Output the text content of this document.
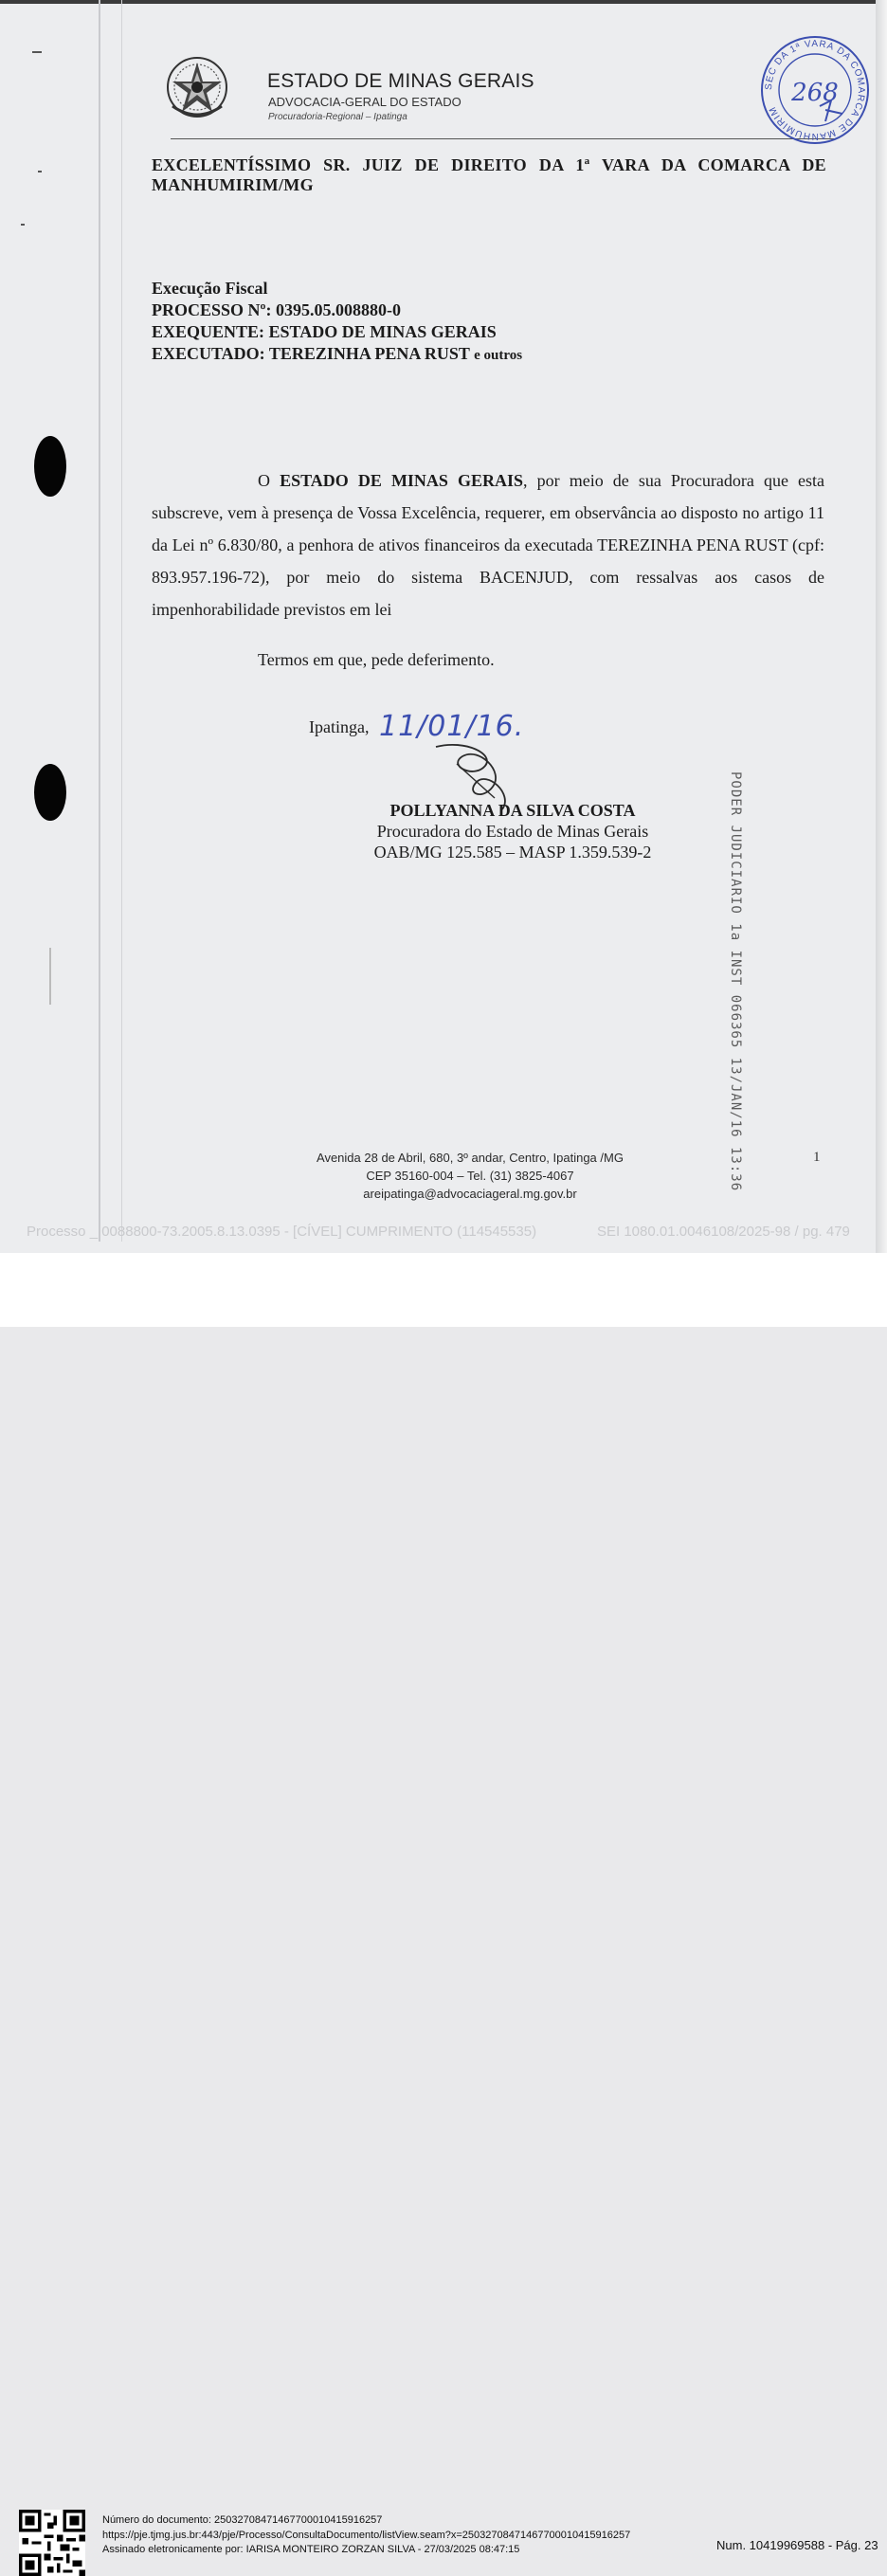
ESTADO DE MINAS GERAIS
ADVOCACIA-GERAL DO ESTADO
Procuradoria-Regional – Ipatinga
SEC DA 1ª VARA DA COMARCA DE MANHUMIRIM
268
EXCELENTÍSSIMO SR. JUIZ DE DIREITO DA 1ª VARA DA COMARCA DE MANHUMIRIM/MG
Execução Fiscal
PROCESSO Nº: 0395.05.008880-0
EXEQUENTE: ESTADO DE MINAS GERAIS
EXECUTADO: TEREZINHA PENA RUST e outros
O ESTADO DE MINAS GERAIS, por meio de sua Procuradora que esta subscreve, vem à presença de Vossa Excelência, requerer, em observância ao disposto no artigo 11 da Lei nº 6.830/80, a penhora de ativos financeiros da executada TEREZINHA PENA RUST (cpf: 893.957.196-72), por meio do sistema BACENJUD, com ressalvas aos casos de impenhorabilidade previstos em lei
Termos em que, pede deferimento.
Ipatinga, 11/01/16.
POLLYANNA DA SILVA COSTA
Procuradora do Estado de Minas Gerais
OAB/MG 125.585 – MASP 1.359.539-2	PODER JUDICIARIO 1a INST 066365 13/JAN/16 13:36
Avenida 28 de Abril, 680, 3º andar, Centro, Ipatinga /MG
CEP 35160-004 – Tel. (31) 3825-4067
areipatinga@advocaciageral.mg.gov.br
1
Processo _ 0088800-73.2005.8.13.0395 - [CÍVEL] CUMPRIMENTO (114545535)	SEI 1080.01.0046108/2025-98 / pg. 479
Número do documento: 25032708471467700010415916257
https://pje.tjmg.jus.br:443/pje/Processo/ConsultaDocumento/listView.seam?x=25032708471467700010415916257
Assinado eletronicamente por: IARISA MONTEIRO ZORZAN SILVA - 27/03/2025 08:47:15	Num. 10419969588 - Pág. 23
